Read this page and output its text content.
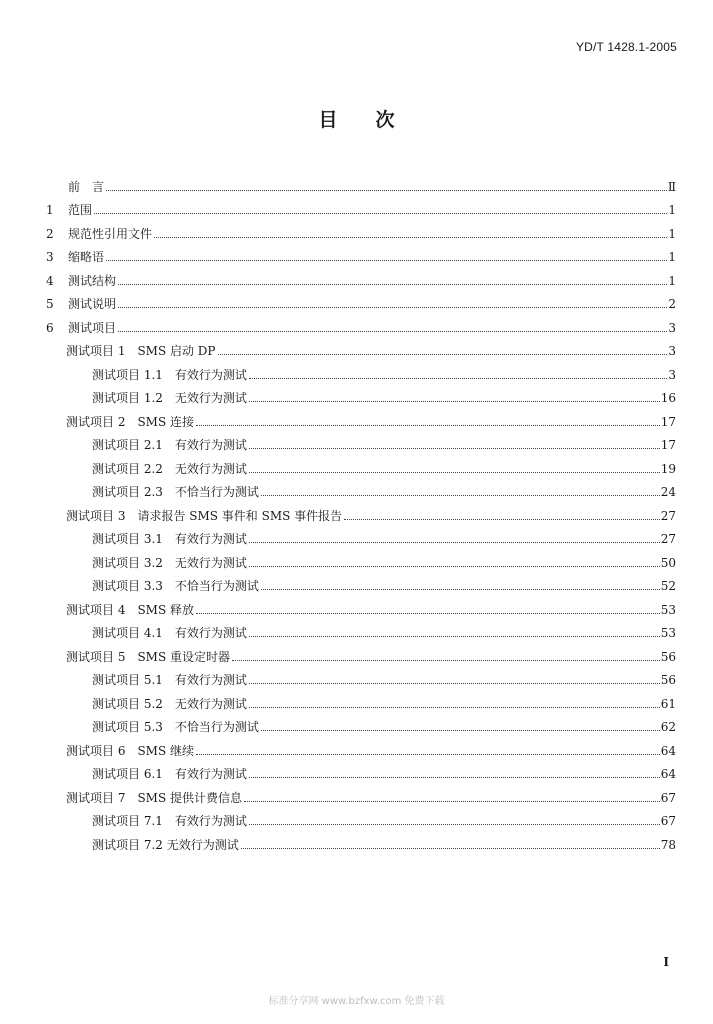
YD/T 1428.1-2005
目次
前　言	Ⅱ
1	范围	1
2	规范性引用文件	1
3	缩略语	1
4	测试结构	1
5	测试说明	2
6	测试项目	3
测试项目 1　SMS 启动 DP	3
测试项目 1.1　有效行为测试	3
测试项目 1.2　无效行为测试	16
测试项目 2　SMS 连接	17
测试项目 2.1　有效行为测试	17
测试项目 2.2　无效行为测试	19
测试项目 2.3　不恰当行为测试	24
测试项目 3　请求报告 SMS 事件和 SMS 事件报告	27
测试项目 3.1　有效行为测试	27
测试项目 3.2　无效行为测试	50
测试项目 3.3　不恰当行为测试	52
测试项目 4　SMS 释放	53
测试项目 4.1　有效行为测试	53
测试项目 5　SMS 重设定时器	56
测试项目 5.1　有效行为测试	56
测试项目 5.2　无效行为测试	61
测试项目 5.3　不恰当行为测试	62
测试项目 6　SMS 继续	64
测试项目 6.1　有效行为测试	64
测试项目 7　SMS 提供计费信息	67
测试项目 7.1　有效行为测试	67
测试项目 7.2 无效行为测试	78
I
标准分享网 www.bzfxw.com 免费下载
